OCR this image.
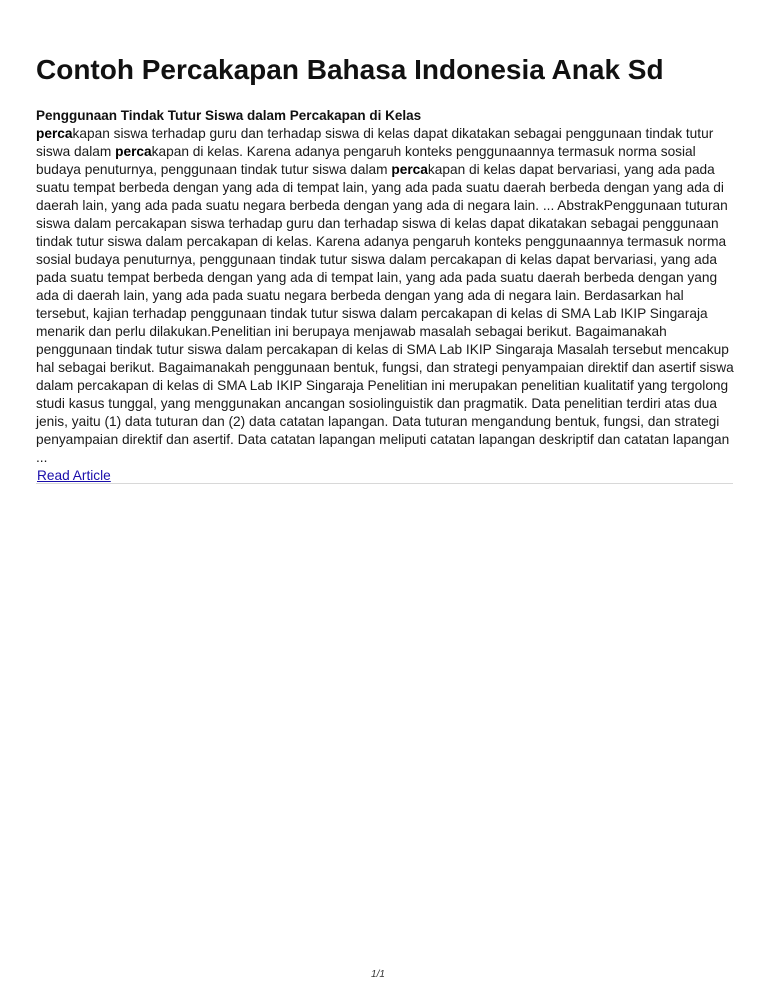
Contoh Percakapan Bahasa Indonesia Anak Sd
Penggunaan Tindak Tutur Siswa dalam Percakapan di Kelas

percakapan siswa terhadap guru dan terhadap siswa di kelas dapat dikatakan sebagai penggunaan tindak tutur siswa dalam percakapan di kelas. Karena adanya pengaruh konteks penggunaannya termasuk norma sosial budaya penuturnya, penggunaan tindak tutur siswa dalam percakapan di kelas dapat bervariasi, yang ada pada suatu tempat berbeda dengan yang ada di tempat lain, yang ada pada suatu daerah berbeda dengan yang ada di daerah lain, yang ada pada suatu negara berbeda dengan yang ada di negara lain. ... AbstrakPenggunaan tuturan siswa dalam percakapan siswa terhadap guru dan terhadap siswa di kelas dapat dikatakan sebagai penggunaan tindak tutur siswa dalam percakapan di kelas. Karena adanya pengaruh konteks penggunaannya termasuk norma sosial budaya penuturnya, penggunaan tindak tutur siswa dalam percakapan di kelas dapat bervariasi, yang ada pada suatu tempat berbeda dengan yang ada di tempat lain, yang ada pada suatu daerah berbeda dengan yang ada di daerah lain, yang ada pada suatu negara berbeda dengan yang ada di negara lain. Berdasarkan hal tersebut, kajian terhadap penggunaan tindak tutur siswa dalam percakapan di kelas di SMA Lab IKIP Singaraja menarik dan perlu dilakukan.Penelitian ini berupaya menjawab masalah sebagai berikut. Bagaimanakah penggunaan tindak tutur siswa dalam percakapan di kelas di SMA Lab IKIP Singaraja Masalah tersebut mencakup hal sebagai berikut. Bagaimanakah penggunaan bentuk, fungsi, dan strategi penyampaian direktif dan asertif siswa dalam percakapan di kelas di SMA Lab IKIP Singaraja Penelitian ini merupakan penelitian kualitatif yang tergolong studi kasus tunggal, yang menggunakan ancangan sosiolinguistik dan pragmatik. Data penelitian terdiri atas dua jenis, yaitu (1) data tuturan dan (2) data catatan lapangan. Data tuturan mengandung bentuk, fungsi, dan strategi penyampaian direktif dan asertif. Data catatan lapangan meliputi catatan lapangan deskriptif dan catatan lapangan ...

Read Article
1/1
